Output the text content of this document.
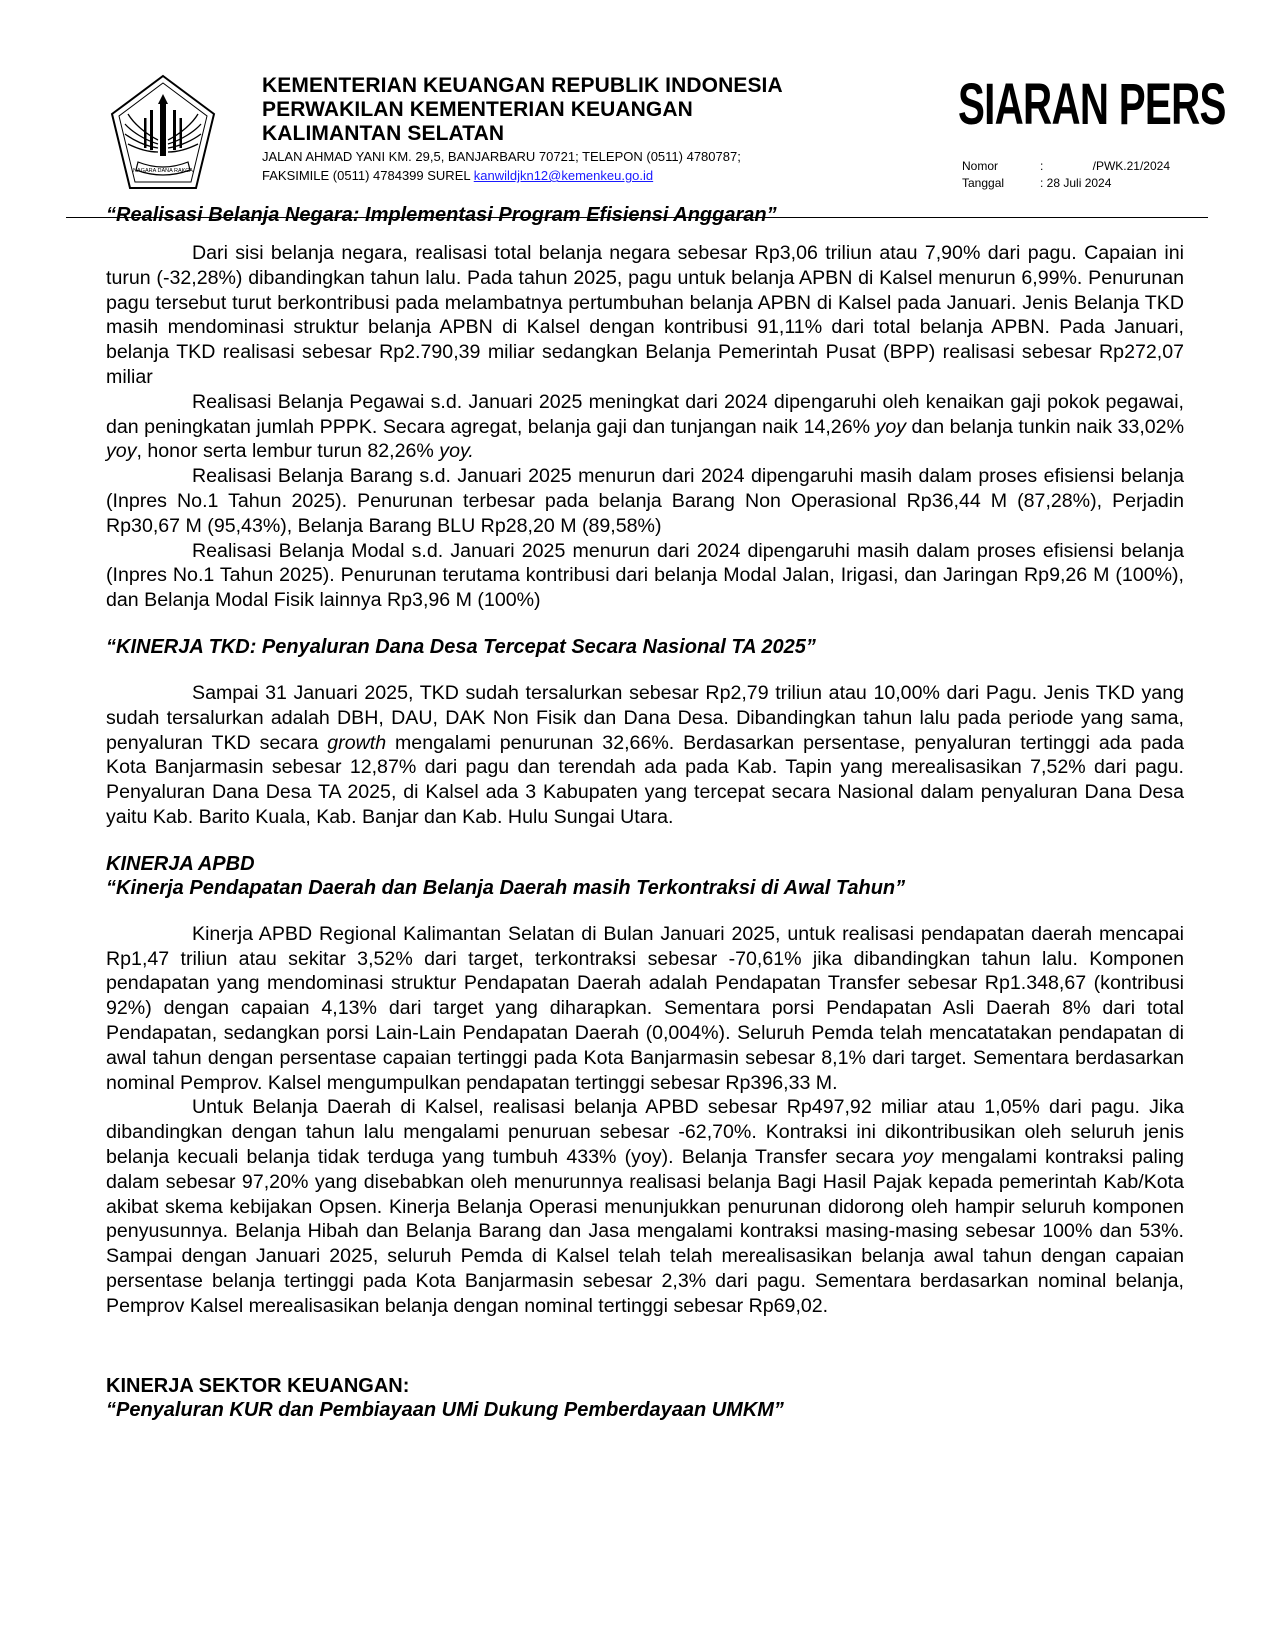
NAGARA DANA RAKCA
KEMENTERIAN KEUANGAN REPUBLIK INDONESIA
PERWAKILAN KEMENTERIAN KEUANGAN
KALIMANTAN SELATAN
JALAN AHMAD YANI KM. 29,5, BANJARBARU 70721; TELEPON (0511) 4780787;
FAKSIMILE (0511) 4784399 SUREL kanwildjkn12@kemenkeu.go.id
SIARAN PERS
Nomor	:	/PWK.21/2024
Tanggal	: 28 Juli 2024
“Realisasi Belanja Negara: Implementasi Program Efisiensi Anggaran”

Dari sisi belanja negara, realisasi total belanja negara sebesar Rp3,06 triliun atau 7,90% dari pagu. Capaian ini turun (-32,28%) dibandingkan tahun lalu. Pada tahun 2025, pagu untuk belanja APBN di Kalsel menurun 6,99%. Penurunan pagu tersebut turut berkontribusi pada melambatnya pertumbuhan belanja APBN di Kalsel pada Januari. Jenis Belanja TKD masih mendominasi struktur belanja APBN di Kalsel dengan kontribusi 91,11% dari total belanja APBN. Pada Januari, belanja TKD realisasi sebesar Rp2.790,39 miliar sedangkan Belanja Pemerintah Pusat (BPP) realisasi sebesar Rp272,07 miliar

Realisasi Belanja Pegawai s.d. Januari 2025 meningkat dari 2024 dipengaruhi oleh kenaikan gaji pokok pegawai, dan peningkatan jumlah PPPK. Secara agregat, belanja gaji dan tunjangan naik 14,26% yoy dan belanja tunkin naik 33,02% yoy, honor serta lembur turun 82,26% yoy.

Realisasi Belanja Barang s.d. Januari 2025 menurun dari 2024 dipengaruhi masih dalam proses efisiensi belanja (Inpres No.1 Tahun 2025). Penurunan terbesar pada belanja Barang Non Operasional Rp36,44 M (87,28%), Perjadin Rp30,67 M (95,43%), Belanja Barang BLU Rp28,20 M (89,58%)

Realisasi Belanja Modal s.d. Januari 2025 menurun dari 2024 dipengaruhi masih dalam proses efisiensi belanja (Inpres No.1 Tahun 2025). Penurunan terutama kontribusi dari belanja Modal Jalan, Irigasi, dan Jaringan Rp9,26 M (100%), dan Belanja Modal Fisik lainnya Rp3,96 M (100%)

“KINERJA TKD: Penyaluran Dana Desa Tercepat Secara Nasional TA 2025”

Sampai 31 Januari 2025, TKD sudah tersalurkan sebesar Rp2,79 triliun atau 10,00% dari Pagu. Jenis TKD yang sudah tersalurkan adalah DBH, DAU, DAK Non Fisik dan Dana Desa. Dibandingkan tahun lalu pada periode yang sama, penyaluran TKD secara growth mengalami penurunan 32,66%. Berdasarkan persentase, penyaluran tertinggi ada pada Kota Banjarmasin sebesar 12,87% dari pagu dan terendah ada pada Kab. Tapin yang merealisasikan 7,52% dari pagu. Penyaluran Dana Desa TA 2025, di Kalsel ada 3 Kabupaten yang tercepat secara Nasional dalam penyaluran Dana Desa yaitu Kab. Barito Kuala, Kab. Banjar dan Kab. Hulu Sungai Utara.

KINERJA APBD
“Kinerja Pendapatan Daerah dan Belanja Daerah masih Terkontraksi di Awal Tahun”

Kinerja APBD Regional Kalimantan Selatan di Bulan Januari 2025, untuk realisasi pendapatan daerah mencapai Rp1,47 triliun atau sekitar 3,52% dari target, terkontraksi sebesar -70,61% jika dibandingkan tahun lalu. Komponen pendapatan yang mendominasi struktur Pendapatan Daerah adalah Pendapatan Transfer sebesar Rp1.348,67 (kontribusi 92%) dengan capaian 4,13% dari target yang diharapkan. Sementara porsi Pendapatan Asli Daerah 8% dari total Pendapatan, sedangkan porsi Lain-Lain Pendapatan Daerah (0,004%). Seluruh Pemda telah mencatatakan pendapatan di awal tahun dengan persentase capaian tertinggi pada Kota Banjarmasin sebesar 8,1% dari target. Sementara berdasarkan nominal Pemprov. Kalsel mengumpulkan pendapatan tertinggi sebesar Rp396,33 M.

Untuk Belanja Daerah di Kalsel, realisasi belanja APBD sebesar Rp497,92 miliar atau 1,05% dari pagu. Jika dibandingkan dengan tahun lalu mengalami penuruan sebesar -62,70%. Kontraksi ini dikontribusikan oleh seluruh jenis belanja kecuali belanja tidak terduga yang tumbuh 433% (yoy). Belanja Transfer secara yoy mengalami kontraksi paling dalam sebesar 97,20% yang disebabkan oleh menurunnya realisasi belanja Bagi Hasil Pajak kepada pemerintah Kab/Kota akibat skema kebijakan Opsen. Kinerja Belanja Operasi menunjukkan penurunan didorong oleh hampir seluruh komponen penyusunnya. Belanja Hibah dan Belanja Barang dan Jasa mengalami kontraksi masing-masing sebesar 100% dan 53%. Sampai dengan Januari 2025, seluruh Pemda di Kalsel telah telah merealisasikan belanja awal tahun dengan capaian persentase belanja tertinggi pada Kota Banjarmasin sebesar 2,3% dari pagu. Sementara berdasarkan nominal belanja, Pemprov Kalsel merealisasikan belanja dengan nominal tertinggi sebesar Rp69,02.

KINERJA SEKTOR KEUANGAN:
“Penyaluran KUR dan Pembiayaan UMi Dukung Pemberdayaan UMKM”
